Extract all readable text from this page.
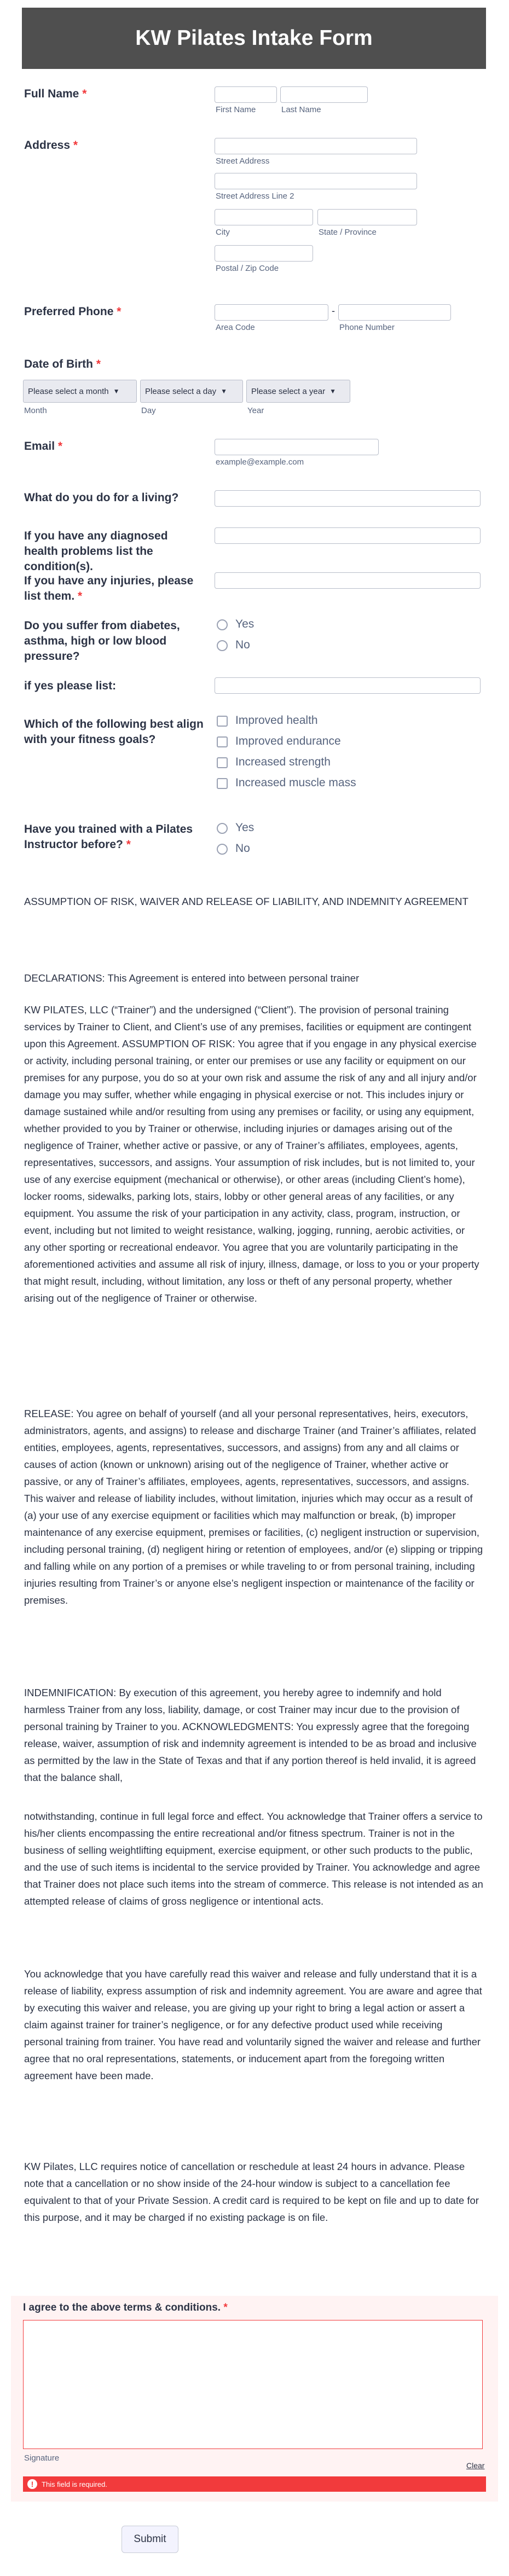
KW Pilates Intake Form
Full Name *
First Name	Last Name
Address *
Street Address
Street Address Line 2
City	State / Province
Postal / Zip Code
Preferred Phone *	-
Area Code	Phone Number
Date of Birth *
Please select a month ▼	Please select a day ▼	Please select a year ▼
Month	Day	Year
Email *
example@example.com
What do you do for a living?
If you have any diagnosed health problems list the condition(s).
If you have any injuries, please list them. *
Do you suffer from diabetes, asthma, high or low blood pressure?
Yes
No
if yes please list:
Which of the following best align with your fitness goals?
Improved health
Improved endurance
Increased strength
Increased muscle mass
Have you trained with a Pilates Instructor before? *
Yes
No

ASSUMPTION OF RISK, WAIVER AND RELEASE OF LIABILITY, AND INDEMNITY AGREEMENT

DECLARATIONS: This Agreement is entered into between personal trainer

KW PILATES, LLC (“Trainer”) and the undersigned (“Client”). The provision of personal training services by Trainer to Client, and Client’s use of any premises, facilities or equipment are contingent upon this Agreement. ASSUMPTION OF RISK: You agree that if you engage in any physical exercise or activity, including personal training, or enter our premises or use any facility or equipment on our premises for any purpose, you do so at your own risk and assume the risk of any and all injury and/or damage you may suffer, whether while engaging in physical exercise or not. This includes injury or damage sustained while and/or resulting from using any premises or facility, or using any equipment, whether provided to you by Trainer or otherwise, including injuries or damages arising out of the negligence of Trainer, whether active or passive, or any of Trainer’s affiliates, employees, agents, representatives, successors, and assigns. Your assumption of risk includes, but is not limited to, your use of any exercise equipment (mechanical or otherwise), or other areas (including Client’s home), locker rooms, sidewalks, parking lots, stairs, lobby or other general areas of any facilities, or any equipment. You assume the risk of your participation in any activity, class, program, instruction, or event, including but not limited to weight resistance, walking, jogging, running, aerobic activities, or any other sporting or recreational endeavor. You agree that you are voluntarily participating in the aforementioned activities and assume all risk of injury, illness, damage, or loss to you or your property that might result, including, without limitation, any loss or theft of any personal property, whether arising out of the negligence of Trainer or otherwise.

RELEASE: You agree on behalf of yourself (and all your personal representatives, heirs, executors, administrators, agents, and assigns) to release and discharge Trainer (and Trainer’s affiliates, related entities, employees, agents, representatives, successors, and assigns) from any and all claims or causes of action (known or unknown) arising out of the negligence of Trainer, whether active or passive, or any of Trainer’s affiliates, employees, agents, representatives, successors, and assigns. This waiver and release of liability includes, without limitation, injuries which may occur as a result of (a) your use of any exercise equipment or facilities which may malfunction or break, (b) improper maintenance of any exercise equipment, premises or facilities, (c) negligent instruction or supervision, including personal training, (d) negligent hiring or retention of employees, and/or (e) slipping or tripping and falling while on any portion of a premises or while traveling to or from personal training, including injuries resulting from Trainer’s or anyone else’s negligent inspection or maintenance of the facility or premises.

INDEMNIFICATION: By execution of this agreement, you hereby agree to indemnify and hold harmless Trainer from any loss, liability, damage, or cost Trainer may incur due to the provision of personal training by Trainer to you. ACKNOWLEDGMENTS: You expressly agree that the foregoing release, waiver, assumption of risk and indemnity agreement is intended to be as broad and inclusive as permitted by the law in the State of Texas and that if any portion thereof is held invalid, it is agreed that the balance shall,

notwithstanding, continue in full legal force and effect. You acknowledge that Trainer offers a service to his/her clients encompassing the entire recreational and/or fitness spectrum. Trainer is not in the business of selling weightlifting equipment, exercise equipment, or other such products to the public, and the use of such items is incidental to the service provided by Trainer. You acknowledge and agree that Trainer does not place such items into the stream of commerce. This release is not intended as an attempted release of claims of gross negligence or intentional acts.

You acknowledge that you have carefully read this waiver and release and fully understand that it is a release of liability, express assumption of risk and indemnity agreement. You are aware and agree that by executing this waiver and release, you are giving up your right to bring a legal action or assert a claim against trainer for trainer’s negligence, or for any defective product used while receiving personal training from trainer. You have read and voluntarily signed the waiver and release and further agree that no oral representations, statements, or inducement apart from the foregoing written agreement have been made.

KW Pilates, LLC requires notice of cancellation or reschedule at least 24 hours in advance. Please note that a cancellation or no show inside of the 24-hour window is subject to a cancellation fee equivalent to that of your Private Session. A credit card is required to be kept on file and up to date for this purpose, and it may be charged if no existing package is on file.

I agree to the above terms & conditions. *
Signature
Clear
!	This field is required.
Submit
